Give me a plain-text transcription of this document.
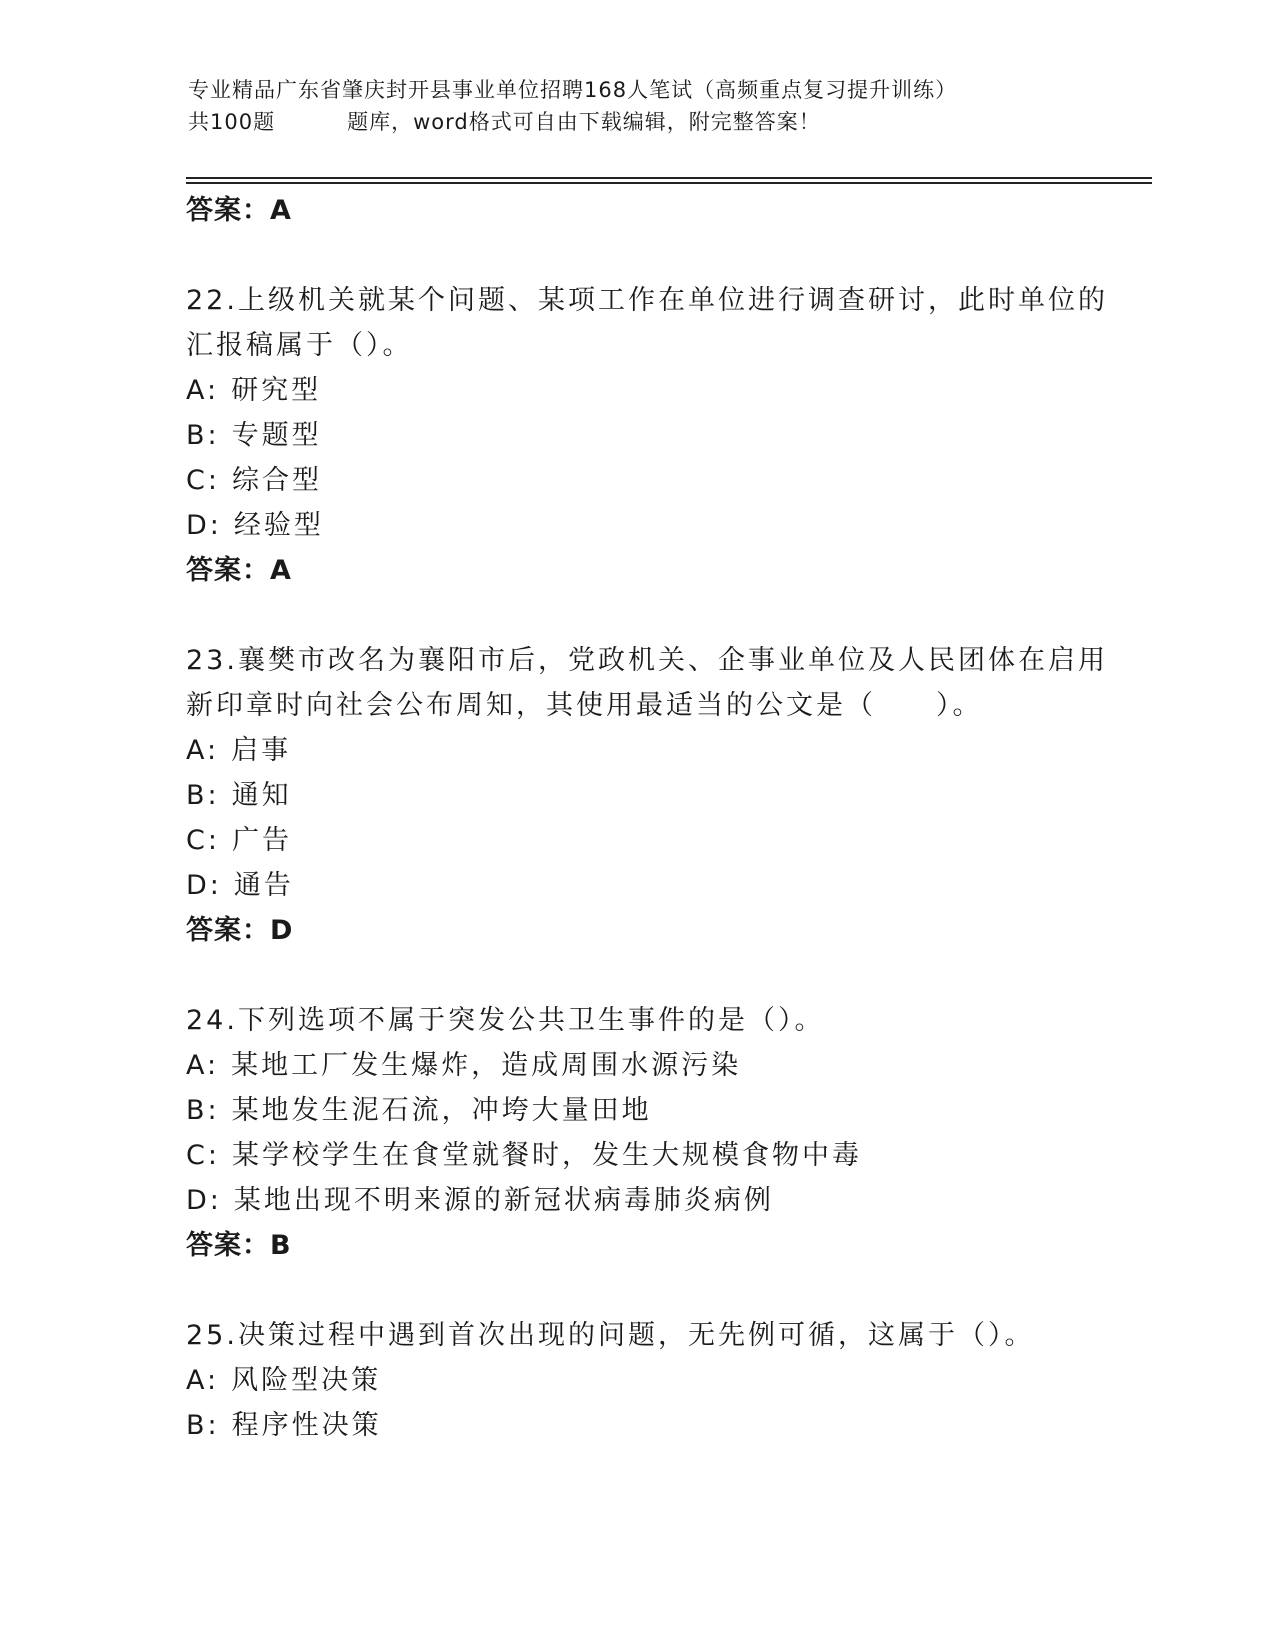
专业精品广东省肇庆封开县事业单位招聘168人笔试（高频重点复习提升训练）
共100题	题库，word格式可自由下载编辑，附完整答案！
答案：A
22.上级机关就某个问题、某项工作在单位进行调查研讨，此时单位的
汇报稿属于（）。
A: 研究型
B: 专题型
C: 综合型
D: 经验型
答案：A
23.襄樊市改名为襄阳市后，党政机关、企事业单位及人民团体在启用
新印章时向社会公布周知，其使用最适当的公文是（　　）。
A: 启事
B: 通知
C: 广告
D: 通告
答案：D
24.下列选项不属于突发公共卫生事件的是（）。
A: 某地工厂发生爆炸，造成周围水源污染
B: 某地发生泥石流，冲垮大量田地
C: 某学校学生在食堂就餐时，发生大规模食物中毒
D: 某地出现不明来源的新冠状病毒肺炎病例
答案：B
25.决策过程中遇到首次出现的问题，无先例可循，这属于（）。
A: 风险型决策
B: 程序性决策
